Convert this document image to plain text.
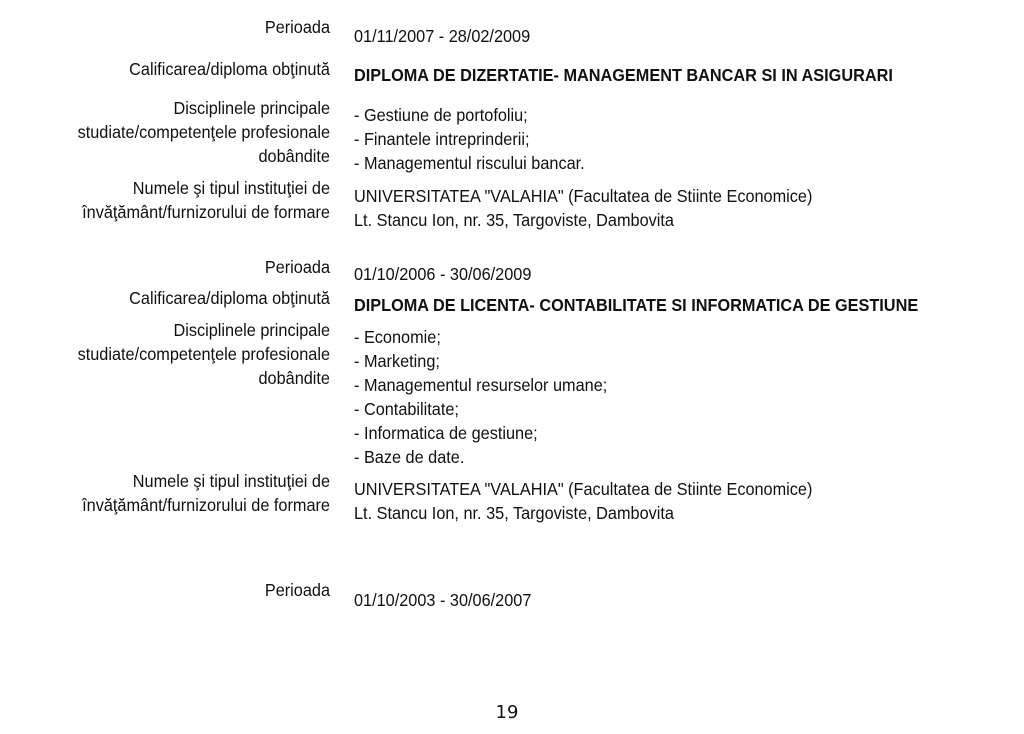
Perioada 01/11/2007 - 28/02/2009
Calificarea/diploma obţinută DIPLOMA DE DIZERTATIE- MANAGEMENT BANCAR SI IN ASIGURARI
Disciplinele principale
studiate/competenţele profesionale
dobândite
- Gestiune de portofoliu;
- Finantele intreprinderii;
- Managementul riscului bancar.
Numele şi tipul instituţiei de
învăţământ/furnizorului de formare
UNIVERSITATEA "VALAHIA" (Facultatea de Stiinte Economice)
Lt. Stancu Ion, nr. 35, Targoviste, Dambovita
Perioada 01/10/2006 - 30/06/2009
Calificarea/diploma obţinută DIPLOMA DE LICENTA- CONTABILITATE SI INFORMATICA DE GESTIUNE
Disciplinele principale
studiate/competenţele profesionale
dobândite
- Economie;
- Marketing;
- Managementul resurselor umane;
- Contabilitate;
- Informatica de gestiune;
- Baze de date.
Numele şi tipul instituţiei de
învăţământ/furnizorului de formare
UNIVERSITATEA "VALAHIA" (Facultatea de Stiinte Economice)
Lt. Stancu Ion, nr. 35, Targoviste, Dambovita
Perioada 01/10/2003 - 30/06/2007
19
